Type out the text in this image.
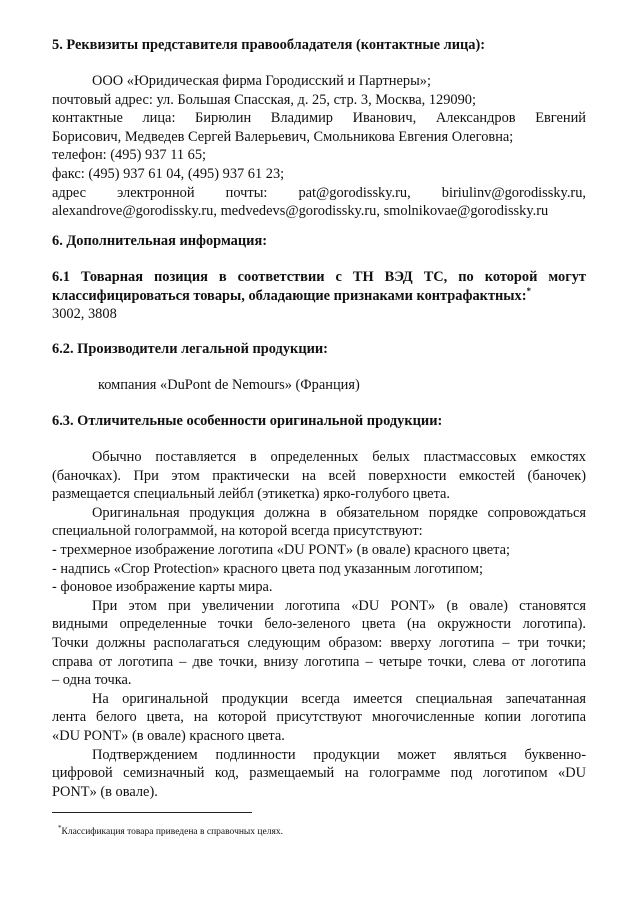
5. Реквизиты представителя правообладателя (контактные лица):
ООО «Юридическая фирма Городисский и Партнеры»;
почтовый адрес: ул. Большая Спасская, д. 25, стр. 3, Москва, 129090;
контактные лица: Бирюлин Владимир Иванович, Александров Евгений
Борисович, Медведев Сергей Валерьевич, Смольникова Евгения Олеговна;
телефон: (495) 937 11 65;
факс: (495) 937 61 04, (495) 937 61 23;
адрес электронной почты: pat@gorodissky.ru, biriulinv@gorodissky.ru,
alexandrove@gorodissky.ru, medvedevs@gorodissky.ru, smolnikovae@gorodissky.ru
6. Дополнительная информация:
6.1 Товарная позиция в соответствии с ТН ВЭД ТС, по которой могут
классифицироваться товары, обладающие признаками контрафактных:*
3002, 3808
6.2. Производители легальной продукции:
компания «DuPont de Nemours» (Франция)
6.3. Отличительные особенности оригинальной продукции:
Обычно поставляется в определенных белых пластмассовых емкостях
(баночках). При этом практически на всей поверхности емкостей (баночек)
размещается специальный лейбл (этикетка) ярко-голубого цвета.
Оригинальная продукция должна в обязательном порядке сопровождаться
специальной голограммой, на которой всегда присутствуют:
- трехмерное изображение логотипа «DU PONT» (в овале) красного цвета;
- надпись «Crop Protection» красного цвета под указанным логотипом;
- фоновое изображение карты мира.
При этом при увеличении логотипа «DU PONT» (в овале) становятся
видными определенные точки бело-зеленого цвета (на окружности логотипа).
Точки должны располагаться следующим образом: вверху логотипа – три точки;
справа от логотипа – две точки, внизу логотипа – четыре точки, слева от логотипа
– одна точка.
На оригинальной продукции всегда имеется специальная запечатанная
лента белого цвета, на которой присутствуют многочисленные копии логотипа
«DU PONT» (в овале) красного цвета.
Подтверждением подлинности продукции может являться буквенно-
цифровой семизначный код, размещаемый на голограмме под логотипом «DU
PONT» (в овале).
*Классификация товара приведена в справочных целях.
